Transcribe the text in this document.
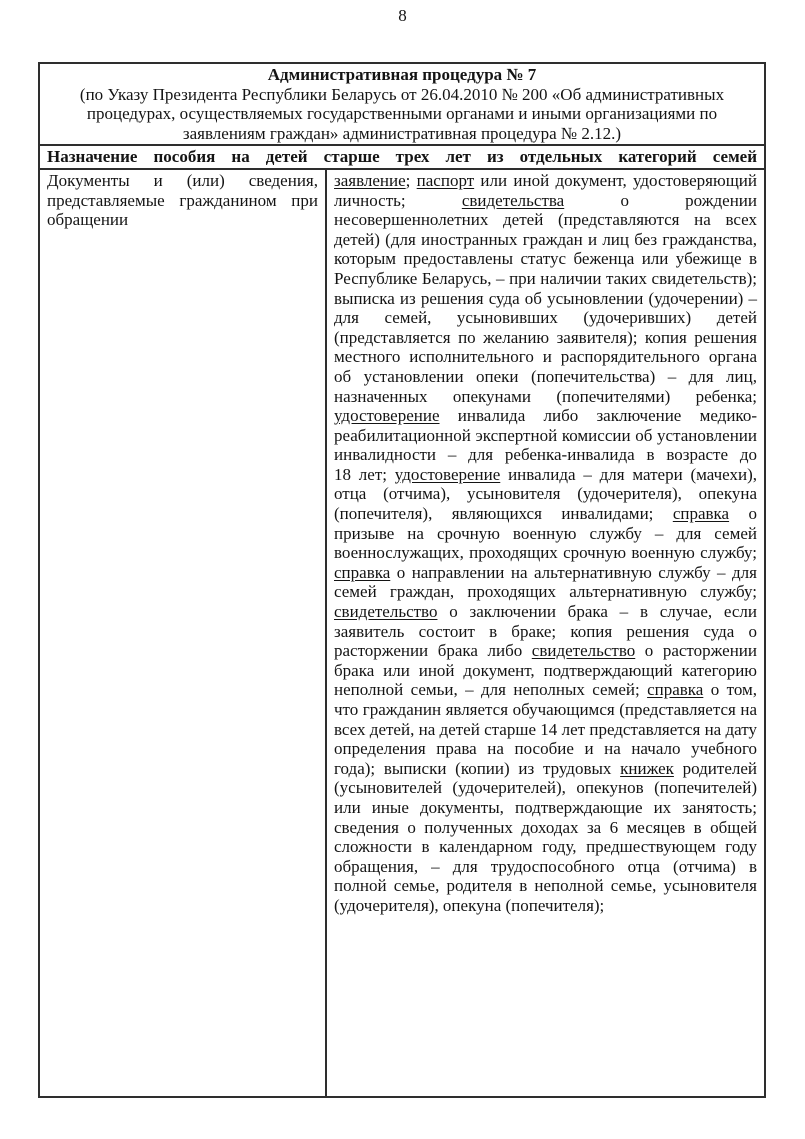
8
Административная процедура № 7
(по Указу Президента Республики Беларусь от 26.04.2010 № 200 «Об административных процедурах, осуществляемых государственными органами и иными организациями по заявлениям граждан» административная процедура № 2.12.)

Назначение пособия на детей старше трех лет из отдельных категорий семей
Документы и (или) сведения, представляемые гражданином при обращении	заявление; паспорт или иной документ, удостоверяющий личность; свидетельства о рождении несовершеннолетних детей (представляются на всех детей) (для иностранных граждан и лиц без гражданства, которым предоставлены статус беженца или убежище в Республике Беларусь, – при наличии таких свидетельств); выписка из решения суда об усыновлении (удочерении) – для семей, усыновивших (удочеривших) детей (представляется по желанию заявителя); копия решения местного исполнительного и распорядительного органа об установлении опеки (попечительства) – для лиц, назначенных опекунами (попечителями) ребенка; удостоверение инвалида либо заключение медико-реабилитационной экспертной комиссии об установлении инвалидности – для ребенка-инвалида в возрасте до 18 лет; удостоверение инвалида – для матери (мачехи), отца (отчима), усыновителя (удочерителя), опекуна (попечителя), являющихся инвалидами; справка о призыве на срочную военную службу – для семей военнослужащих, проходящих срочную военную службу; справка о направлении на альтернативную службу – для семей граждан, проходящих альтернативную службу; свидетельство о заключении брака – в случае, если заявитель состоит в браке; копия решения суда о расторжении брака либо свидетельство о расторжении брака или иной документ, подтверждающий категорию неполной семьи, – для неполных семей; справка о том, что гражданин является обучающимся (представляется на всех детей, на детей старше 14 лет представляется на дату определения права на пособие и на начало учебного года); выписки (копии) из трудовых книжек родителей (усыновителей (удочерителей), опекунов (попечителей) или иные документы, подтверждающие их занятость; сведения о полученных доходах за 6 месяцев в общей сложности в календарном году, предшествующем году обращения, – для трудоспособного отца (отчима) в полной семье, родителя в неполной семье, усыновителя (удочерителя), опекуна (попечителя);
